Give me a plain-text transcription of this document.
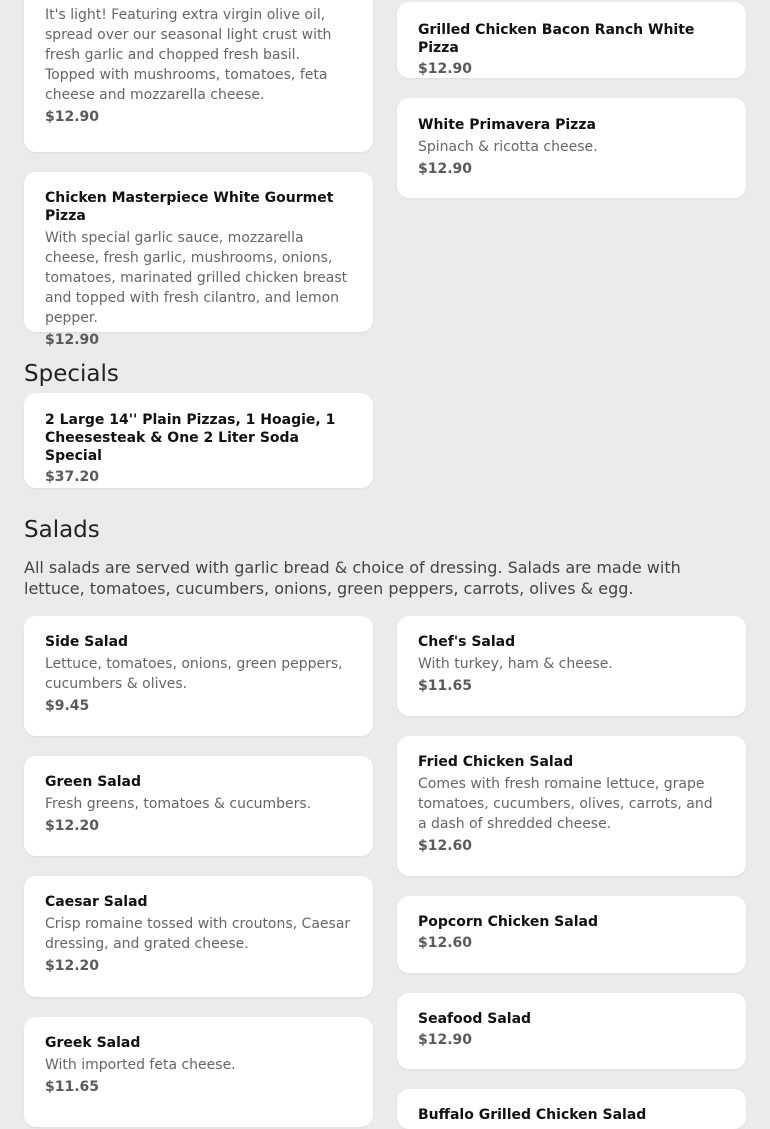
It's light! Featuring extra virgin olive oil, spread over our seasonal light crust with fresh garlic and chopped fresh basil. Topped with mushrooms, tomatoes, feta cheese and mozzarella cheese.
$12.90
Grilled Chicken Bacon Ranch White Pizza
$12.90
White Primavera Pizza
Spinach & ricotta cheese.
$12.90
Chicken Masterpiece White Gourmet Pizza
With special garlic sauce, mozzarella cheese, fresh garlic, mushrooms, onions, tomatoes, marinated grilled chicken breast and topped with fresh cilantro, and lemon pepper.
$12.90
Specials
2 Large 14'' Plain Pizzas, 1 Hoagie, 1 Cheesesteak & One 2 Liter Soda Special
$37.20
Salads

All salads are served with garlic bread & choice of dressing. Salads are made with lettuce, tomatoes, cucumbers, onions, green peppers, carrots, olives & egg.

Side Salad
Lettuce, tomatoes, onions, green peppers, cucumbers & olives.
$9.45
Green Salad
Fresh greens, tomatoes & cucumbers.
$12.20
Caesar Salad
Crisp romaine tossed with croutons, Caesar dressing, and grated cheese.
$12.20
Greek Salad
With imported feta cheese.
$11.65
Chef's Salad
With turkey, ham & cheese.
$11.65
Fried Chicken Salad
Comes with fresh romaine lettuce, grape tomatoes, cucumbers, olives, carrots, and a dash of shredded cheese.
$12.60
Popcorn Chicken Salad
$12.60
Seafood Salad
$12.90
Buffalo Grilled Chicken Salad
